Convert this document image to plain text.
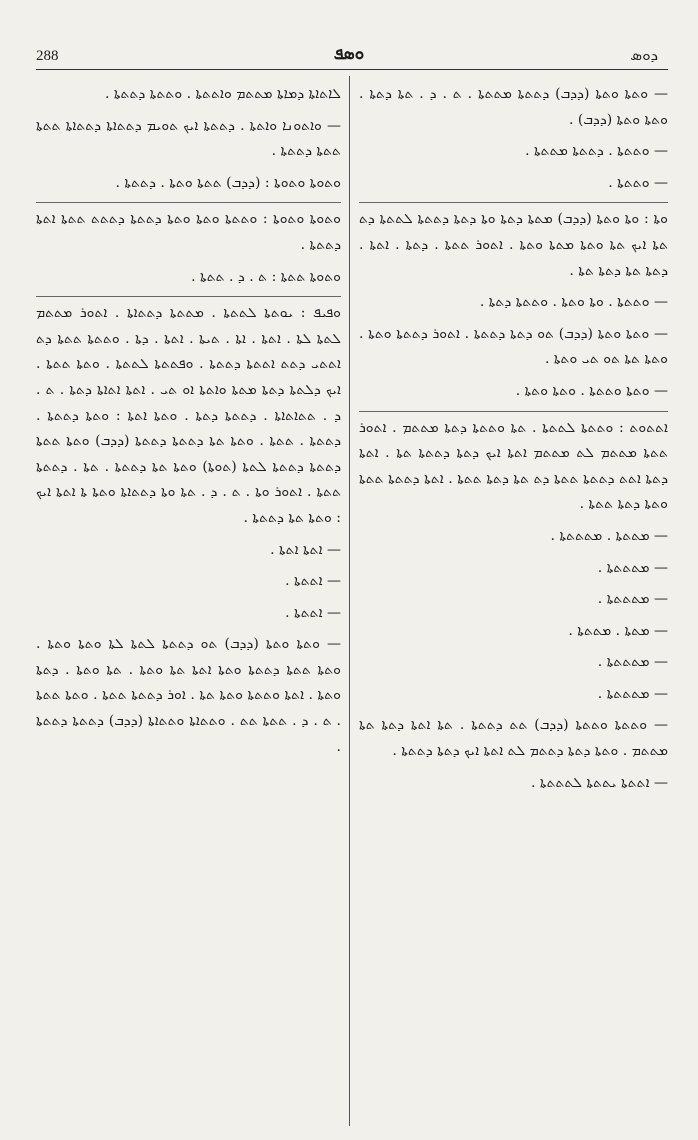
288	ܘܣܦ	ܕܘܣ

— ܘܬܬܐ ܘܬܬܐ (ܕܕܒ) ܕܬܬܬܐ ܡܬܬܬܐ . ܬ . ܕ . ܬܬܐ ܕܬܬܐ . ܘܬܬܐ ܘܬܬܐ (ܕܕܒ) .

— ܘܬܬܬܐ . ܕܬܬܬܐ ܡܬܬܬܐ .

— ܘܬܬܬܐ .

ܘܬܐ : ܘܬܐ ܘܬܬܐ (ܕܕܒ) ܡܬܬܐ ܕܬܬܐ ܘܬܐ ܕܬܬܐ ܕܬܬܬܐ ܠܬܬܬܐ ܕܬ ܬܬܐ ܐܝܟ ܬܬܐ ܘܬܬܐ ܡܬܬܐ ܘܬܬܐ . ܐܬܘܪ ܬܬܬܐ . ܕܬܬܐ . ܐܬܬܐ . ܕܬܬܐ ܬܬܐ ܕܬܬܐ ܬܬܐ .

— ܘܬܬܬܐ . ܘܬܐ ܘܬܬܐ . ܘܬܬܬܐ ܕܬܬܐ .

— ܘܬܬܐ ܘܬܬܐ (ܕܕܒ) ܬܘ ܕܬܬܐ ܕܬܬܬܐ . ܐܬܘܪ ܕܬܬܬܐ ܘܬܬܐ . ܘܬܬܐ ܬܬܐ ܬܘ ܬܝ ܘܬܬܐ .

— ܘܬܬܐ ܘܬܬܬܐ . ܘܬܬܐ ܘܬܬܐ .

ܐܬܬܘܬ : ܘܬܬܬܐ ܠܬܬܬܐ . ܬܬܐ ܘܬܬܬܐ ܕܬܬܐ ܡܬܬܡ . ܐܬܘܪ ܬܬܬܐ ܡܬܬܡ ܠܬ ܡܬܬܡ ܐܬܬܐ ܐܝܟ ܕܬܬܐ ܕܬܬܬܐ ܬܬܐ . ܐܬܬܐ ܕܬܬܐ ܐܬܬ ܕܬܬܬܐ ܬܬܬܐ ܕܬ ܬܬܐ ܕܬܬܐ ܬܬܬܐ . ܐܬܬܐ ܕܬܬܬܐ ܬܬܬܐ ܘܬܬܐ ܕܬܬܐ ܬܬܬܐ .

— ܡܬܬܬܐ . ܡܬܬܬܬܐ .

— ܡܬܬܬܬܐ .

— ܡܬܬܬܬܐ .

— ܡܬܬܐ . ܡܬܬܬܐ .

— ܡܬܬܬܬܐ .

— ܡܬܬܬܬܐ .

— ܘܬܬܬܐ ܘܬܬܬܐ (ܕܕܒ) ܬܬ ܕܬܬܬܐ . ܬܬܐ ܐܬܬܐ ܕܬܬܐ ܬܬܐ ܡܬܬܡ . ܘܬܬܐ ܕܬܬܐ ܕܬܬܡ ܠܬ ܐܬܬܐ ܐܝܟ ܕܬܬܐ ܕܬܬܬܐ .

— ܐܬܬܬܐ ܝܬܬܬܐ ܠܬܬܬܬܐ .

ܠܐܬܐܬܐ ܕܡܐܬܐ ܡܬܬܡ ܘܐܬܬܬܐ . ܘܬܬܬܐ ܕܬܬܬܐ .

— ܘܐܬܘܢܐ ܘܐܬܬܐ . ܕܬܬܬܐ ܐܝܟ ܬܘܝܡ ܕܬܬܐܬܐ ܕܬܬܐܬܐ ܬܬܬܐ ܬܬܬܐ ܕܬܬܬܐ .

ܘܬܘܬܐ ܘܬܘܬܐ : (ܕܕܒ) ܬܬܬܐ ܘܬܬܐ . ܕܬܬܬܐ .

ܘܬܘܬܐ ܘܬܘܬܐ : ܘܬܬܬܐ ܘܬܬܐ ܘܬܬܐ ܕܬܬܬܐ ܕܬܬܬ ܬܬܬܐ ܐܬܬܐ ܕܬܬܬܐ .

ܘܬܘܬܐ ܬܬܬܐ : ܬ . ܕ . ܬܬܬܐ .

ܘܦܝܦ : ܝܘܬܬܐ ܠܬܬܬܐ . ܡܬܬܬܐ ܕܬܬܐܬܐ . ܐܬܘܪ ܡܬܬܡ ܠܬܬܐ ܠܬܐ . ܐܬܬܐ . ܐܬܐ . ܬܝܬܐ . ܐܬܬܐ . ܕܬܐ . ܘܬܬܬܐ ܬܬܬܐ ܕܬ ܐܬܬܝ ܕܬܬ ܐܬܬܬܐ ܕܬܬܬܐ . ܘܦܬܬܬܐ ܠܬܬܬܐ . ܘܬܬܐ ܬܬܬܐ . ܐܝܟ ܕܠܬܬܐ ܕܬܬܐ ܡܬܬܐ ܘܐܬܬܐ ܐܘ ܬܝ . ܐܬܬܐ ܐܬܐܬܐ ܕܬܬܐ . ܬ . ܕ . ܬܬܐܬܐܬܐ . ܕܬܬܬܐ ܕܬܬܐ . ܘܬܬܐ ܐܬܬܐ : ܘܬܬܐ ܕܬܬܬܐ . ܕܬܬܬܐ . ܬܬܬܐ . ܘܬܬܐ ܬܬܐ ܕܬܬܬܐ ܕܬܬܬܐ (ܕܕܒ) ܘܬܬܐ ܬܬܬܐ ܕܬܬܬܐ ܕܬܬܬܐ ܠܬܬܐ (ܬܘܬܐ) ܘܬܬܐ ܬܬܐ ܕܬܬܬܐ . ܬܬܐ . ܕܬܬܬܐ ܬܬܬܐ . ܐܬܘܪ ܘܬܐ . ܬ . ܕ . ܬܬܐ ܘܬܐ ܕܬܬܐܬܐ ܘܬܬܐ ܬܐ ܐܬܬܐ ܐܝܟ : ܘܬܬܐ ܬܬܐ ܕܬܬܬܐ .

— ܐܬܬܐ ܐܬܬܐ .

— ܐܬܬܬܐ .

— ܐܬܬܬܐ .

— ܘܬܬܐ ܘܬܬܐ (ܕܕܒ) ܬܘ ܕܬܬܬܐ ܠܬܬܐ ܠܬܐ ܘܬܬܐ ܘܬܬܐ . ܘܬܬܐ ܬܬܬܐ ܕܬܬܬܐ ܘܬܬܐ ܐܬܬܐ ܬܬܐ ܘܬܬܐ . ܬܬܐ ܘܬܬܐ . ܕܬܬܐ ܘܬܬܐ . ܐܬܬܐ ܘܬܬܬܐ ܘܬܬܐ ܬܬܐ . ܐܘܪ ܕܬܬܬܐ ܬܬܬܐ . ܘܬܬܐ ܬܬܬܐ . ܬ . ܕ . ܬܬܬܐ ܬܬ . ܘܬܬܐܬܐ ܘܬܬܐܬܐ (ܕܕܒ) ܕܬܬܬܐ ܕܬܬܬܐ .
